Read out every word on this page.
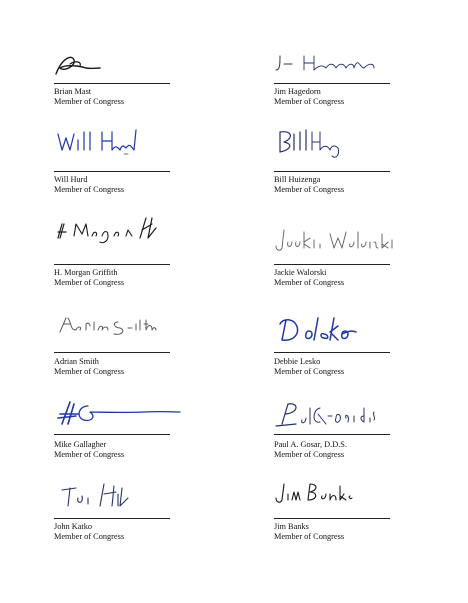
Brian Mast
Member of Congress
Jim Hagedorn
Member of Congress
Will Hurd
Member of Congress
Bill Huizenga
Member of Congress
H. Morgan Griffith
Member of Congress
Jackie Walorski
Member of Congress
Adrian Smith
Member of Congress
Debbie Lesko
Member of Congress
Mike Gallagher
Member of Congress
Paul A. Gosar, D.D.S.
Member of Congress
John Katko
Member of Congress
Jim Banks
Member of Congress
